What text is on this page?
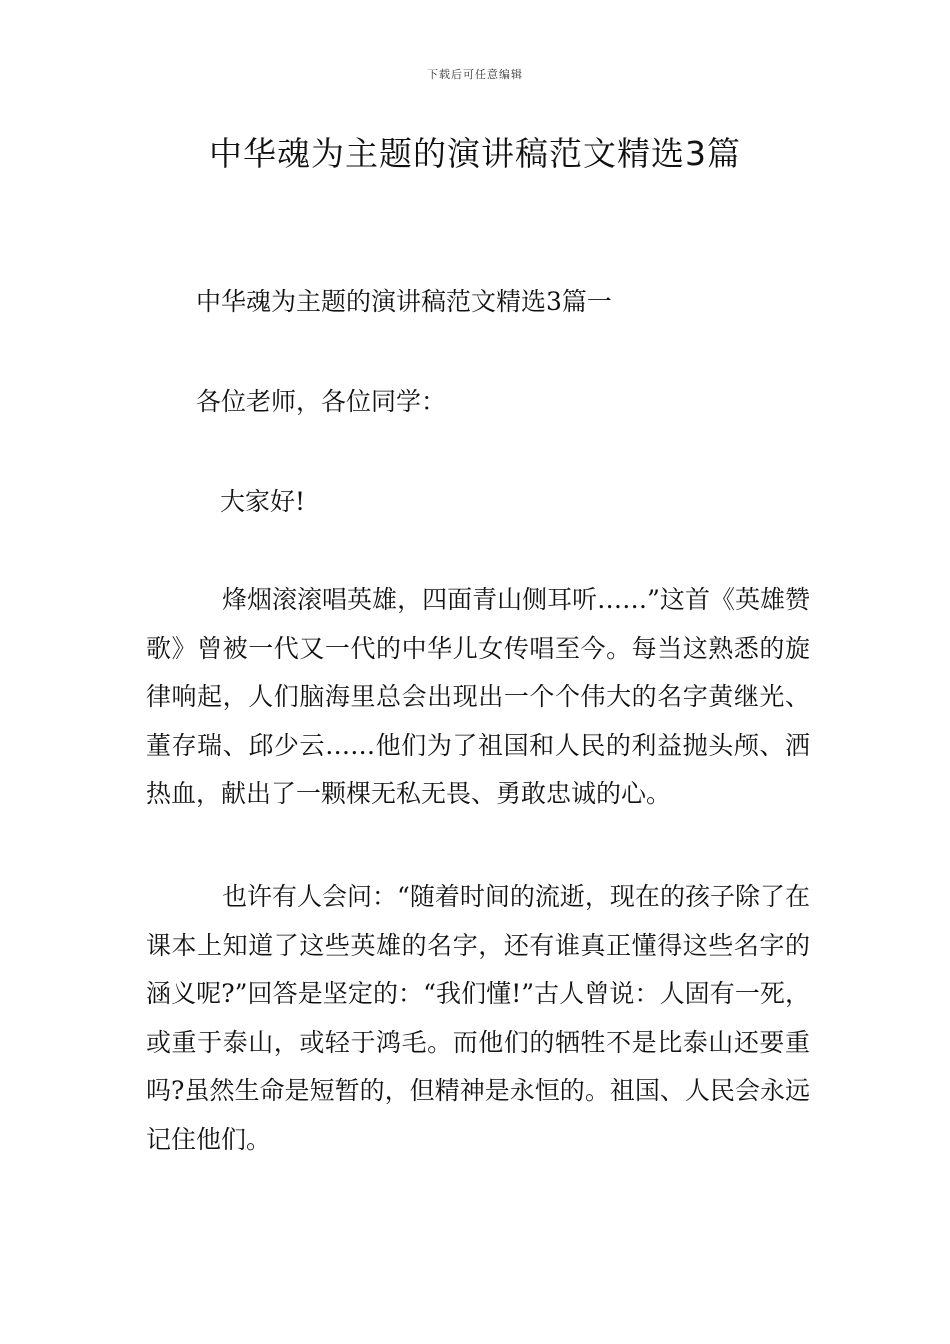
下载后可任意编辑
中华魂为主题的演讲稿范文精选3篇

中华魂为主题的演讲稿范文精选3篇一

各位老师，各位同学：

大家好!

烽烟滚滚唱英雄，四面青山侧耳听……”这首《英雄赞歌》曾被一代又一代的中华儿女传唱至今。每当这熟悉的旋律响起，人们脑海里总会出现出一个个伟大的名字黄继光、董存瑞、邱少云……他们为了祖国和人民的利益抛头颅、洒热血，献出了一颗棵无私无畏、勇敢忠诚的心。

也许有人会问：“随着时间的流逝，现在的孩子除了在课本上知道了这些英雄的名字，还有谁真正懂得这些名字的涵义呢?”回答是坚定的：“我们懂!”古人曾说：人固有一死，或重于泰山，或轻于鸿毛。而他们的牺牲不是比泰山还要重吗?虽然生命是短暂的，但精神是永恒的。祖国、人民会永远记住他们。
